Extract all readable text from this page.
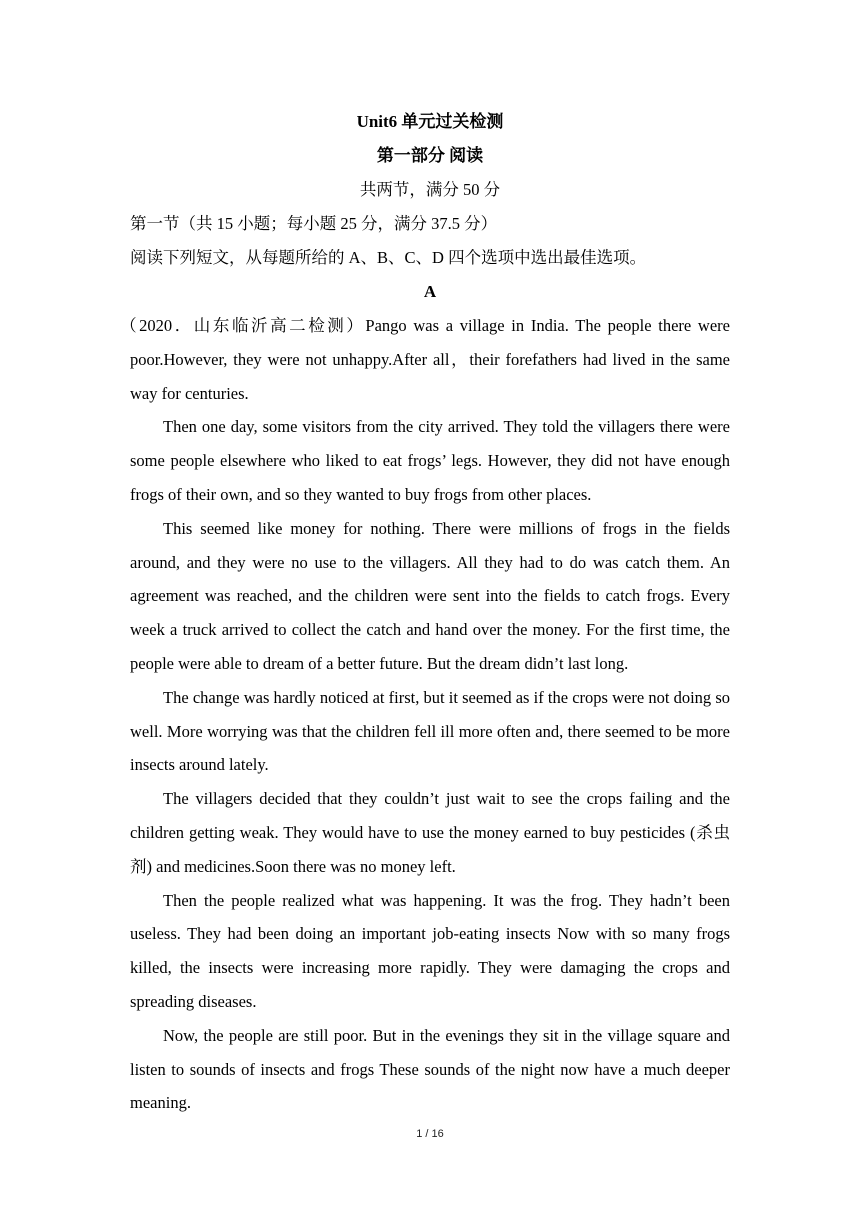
Unit6 单元过关检测
第一部分 阅读
共两节，满分 50 分
第一节（共 15 小题；每小题 25 分，满分 37.5 分）
阅读下列短文，从每题所给的 A、B、C、D 四个选项中选出最佳选项。
A

（2020．山东临沂高二检测）Pango was a village in India. The people there were poor.However, they were not unhappy.After all，their forefathers had lived in the same way for centuries.

Then one day, some visitors from the city arrived. They told the villagers there were some people elsewhere who liked to eat frogs’ legs. However, they did not have enough frogs of their own, and so they wanted to buy frogs from other places.

This seemed like money for nothing. There were millions of frogs in the fields around, and they were no use to the villagers. All they had to do was catch them. An agreement was reached, and the children were sent into the fields to catch frogs. Every week a truck arrived to collect the catch and hand over the money. For the first time, the people were able to dream of a better future. But the dream didn’t last long.

The change was hardly noticed at first, but it seemed as if the crops were not doing so well. More worrying was that the children fell ill more often and, there seemed to be more insects around lately.

The villagers decided that they couldn’t just wait to see the crops failing and the children getting weak. They would have to use the money earned to buy pesticides (杀虫剂) and medicines.Soon there was no money left.

Then the people realized what was happening. It was the frog. They hadn’t been useless. They had been doing an important job-eating insects Now with so many frogs killed, the insects were increasing more rapidly. They were damaging the crops and spreading diseases.

Now, the people are still poor. But in the evenings they sit in the village square and listen to sounds of insects and frogs These sounds of the night now have a much deeper meaning.

1 / 16
